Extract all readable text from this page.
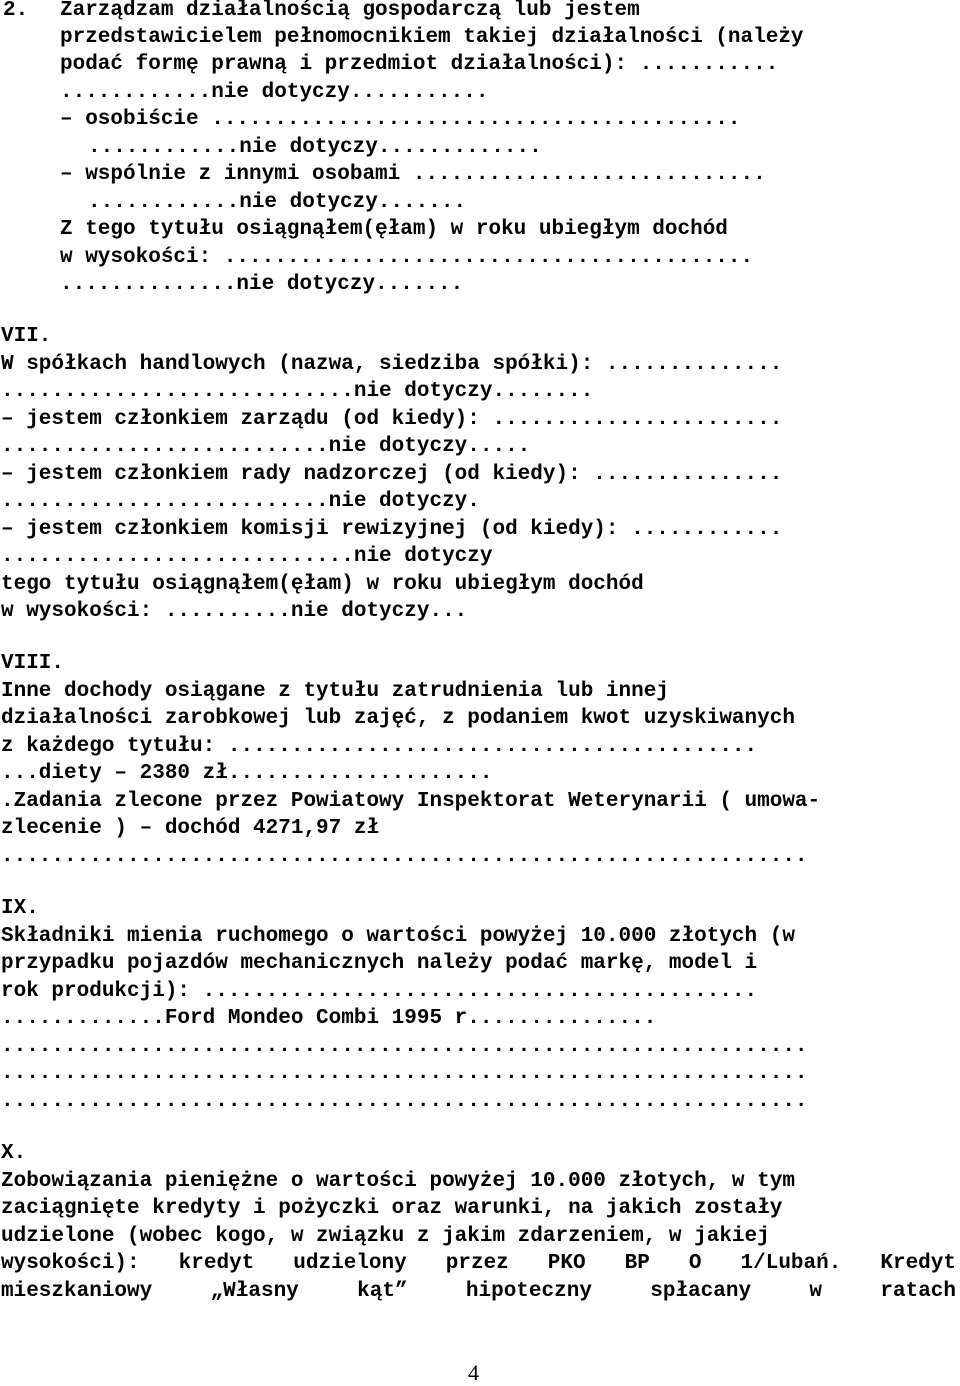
2. Zarządzam działalnością gospodarczą lub jestem
przedstawicielem pełnomocnikiem takiej działalności (należy
podać formę prawną i przedmiot działalności): ...........
............nie dotyczy...........
– osobiście ..........................................
............nie dotyczy.............
– wspólnie z innymi osobami ............................
............nie dotyczy.......
Z tego tytułu osiągnąłem(ęłam) w roku ubiegłym dochód
w wysokości: ..........................................
..............nie dotyczy.......
VII.
W spółkach handlowych (nazwa, siedziba spółki): ..............
............................nie dotyczy........
– jestem członkiem zarządu (od kiedy): .......................
..........................nie dotyczy.....
– jestem członkiem rady nadzorczej (od kiedy): ...............
..........................nie dotyczy.
– jestem członkiem komisji rewizyjnej (od kiedy): ............
............................nie dotyczy
tego tytułu osiągnąłem(ęłam) w roku ubiegłym dochód
w wysokości: ..........nie dotyczy...
VIII.
Inne dochody osiągane z tytułu zatrudnienia lub innej
działalności zarobkowej lub zajęć, z podaniem kwot uzyskiwanych
z każdego tytułu: ..........................................
...diety – 2380 zł.....................
.Zadania zlecone przez Powiatowy Inspektorat Weterynarii ( umowa-
zlecenie ) – dochód 4271,97 zł
................................................................
IX.
Składniki mienia ruchomego o wartości powyżej 10.000 złotych (w
przypadku pojazdów mechanicznych należy podać markę, model i
rok produkcji): ............................................
.............Ford Mondeo Combi 1995 r...............
................................................................
................................................................
................................................................
X.
Zobowiązania pieniężne o wartości powyżej 10.000 złotych, w tym
zaciągnięte kredyty i pożyczki oraz warunki, na jakich zostały
udzielone (wobec kogo, w związku z jakim zdarzeniem, w jakiej
wysokości): kredyt udzielony przez PKO BP O 1/Lubań. Kredyt
mieszkaniowy „Własny kąt” hipoteczny spłacany w ratach
4
